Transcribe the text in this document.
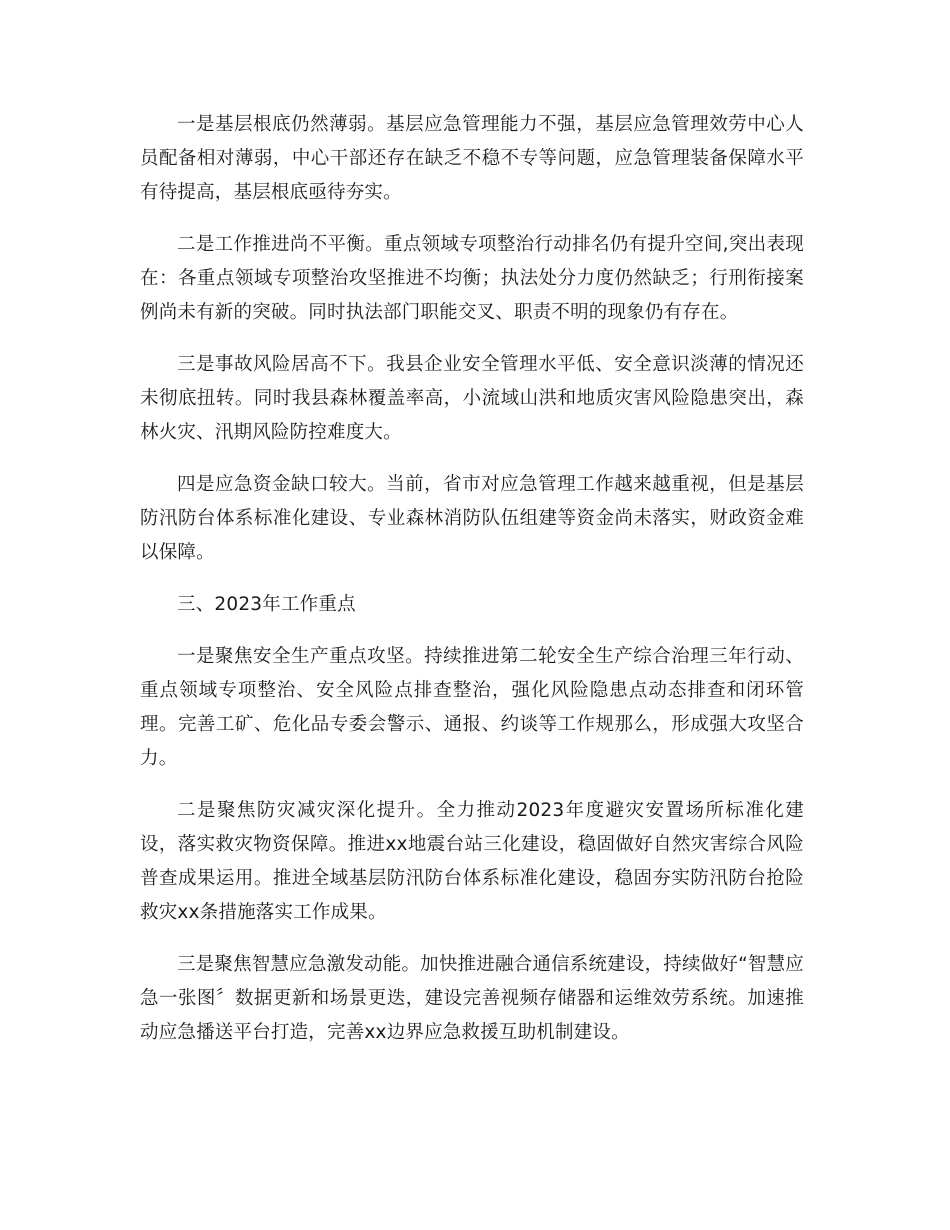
一是基层根底仍然薄弱。基层应急管理能力不强，基层应急管理效劳中心人员配备相对薄弱，中心干部还存在缺乏不稳不专等问题，应急管理装备保障水平有待提高，基层根底亟待夯实。

二是工作推进尚不平衡。重点领域专项整治行动排名仍有提升空间,突出表现在：各重点领域专项整治攻坚推进不均衡；执法处分力度仍然缺乏；行刑衔接案例尚未有新的突破。同时执法部门职能交叉、职责不明的现象仍有存在。

三是事故风险居高不下。我县企业安全管理水平低、安全意识淡薄的情况还未彻底扭转。同时我县森林覆盖率高，小流域山洪和地质灾害风险隐患突出，森林火灾、汛期风险防控难度大。

四是应急资金缺口较大。当前，省市对应急管理工作越来越重视，但是基层防汛防台体系标准化建设、专业森林消防队伍组建等资金尚未落实，财政资金难以保障。

三、2023年工作重点

一是聚焦安全生产重点攻坚。持续推进第二轮安全生产综合治理三年行动、重点领域专项整治、安全风险点排查整治，强化风险隐患点动态排查和闭环管理。完善工矿、危化品专委会警示、通报、约谈等工作规那么，形成强大攻坚合力。

二是聚焦防灾减灾深化提升。全力推动2023年度避灾安置场所标准化建设，落实救灾物资保障。推进xx地震台站三化建设，稳固做好自然灾害综合风险普查成果运用。推进全域基层防汛防台体系标准化建设，稳固夯实防汛防台抢险救灾xx条措施落实工作成果。

三是聚焦智慧应急激发动能。加快推进融合通信系统建设，持续做好“智慧应急一张图〞数据更新和场景更迭，建设完善视频存储器和运维效劳系统。加速推动应急播送平台打造，完善xx边界应急救援互助机制建设。
